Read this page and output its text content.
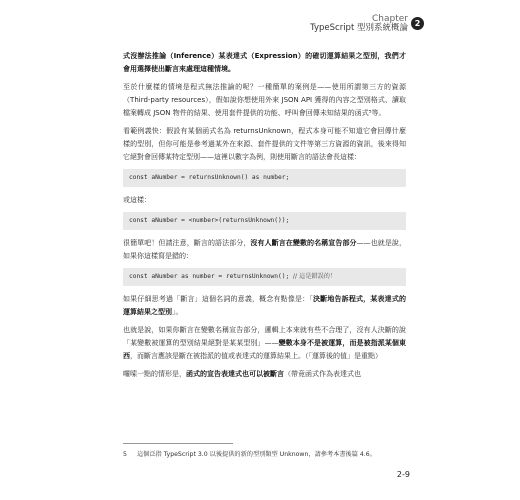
Chapter
TypeScript 型別系統概論 2

式沒辦法推論（Inference）某表達式（Expression）的確切運算結果之型別，我們才會用選擇使出斷言來處理這種情境。

至於什麼樣的情境是程式無法推論的呢？一種簡單的案例是——使用所謂第三方的資源（Third-party resources），假如說你想使用外來 JSON API 獲得的內容之型別格式、讀取檔案轉成 JSON 物件的結果、使用套件提供的功能、呼叫會回傳未知結果的函式⁵等。

看範例義快：假設有某個函式名為 returnsUnknown，程式本身可能不知道它會回傳什麼樣的型別，但你可能是參考過某外在來源、套件提供的文件等第三方資源的資訊，後來得知它絕對會回傳某特定型別——這裡以數字為例，則使用斷言的語法會長這樣：

const aNumber = returnsUnknown() as number;

或這樣：

const aNumber = <number>(returnsUnknown());

很簡單吧！但請注意，斷言的語法部分，沒有人斷言在變數的名稱宣告部分——也就是說，如果你這樣寫是錯的：

const aNumber as number = returnsUnknown(); // 這是錯誤的！

如果仔細思考過「斷言」這個名詞的意義，概念有點像是：「決斷地告訴程式，某表達式的運算結果之型別」。

也就是說，如果你斷言在變數名稱宣告部分，邏輯上本來就有些不合理了，沒有人決斷的說「某變數被運算的型別結果絕對是某某型別」——變數本身不是被運算，而是被指派某個東西，而斷言應該是斷在被指派的值或表達式的運算結果上。（「運算後的值」是重點）

囉嗦一點的情形是，函式的宣告表達式也可以被斷言（帶竟函式作為表達式也

5 這個泛指 TypeScript 3.0 以後提供的新的型別類型 Unknown，請參考本書後篇 4.6。
2-9
